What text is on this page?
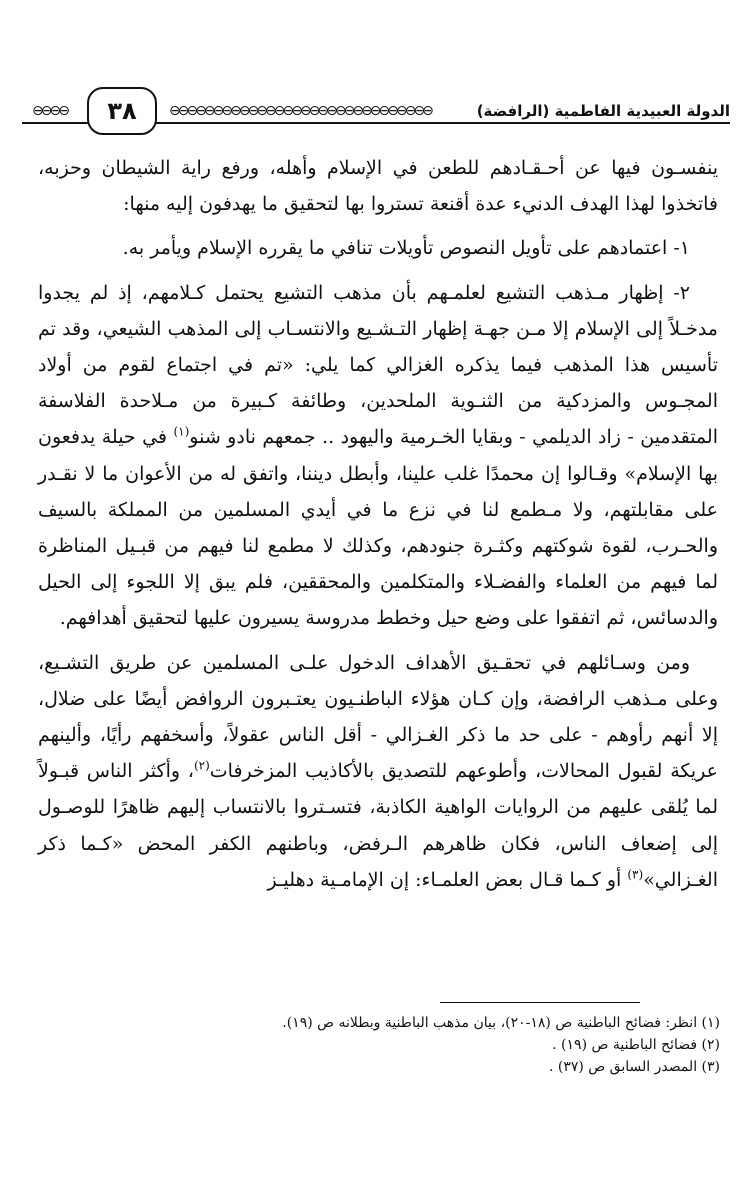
⊖⊖⊖⊖	٣٨	⊖⊖⊖⊖⊖⊖⊖⊖⊖⊖⊖⊖⊖⊖⊖⊖⊖⊖⊖⊖⊖⊖⊖⊖⊖⊖⊖⊖⊖⊖	الدولة العبيدية الفاطمية (الرافضة)

ينفسـون فيها عن أحـقـادهم للطعن في الإسلام وأهله، ورفع راية الشيطان وحزبه، فاتخذوا لهذا الهدف الدنيء عدة أقنعة تستروا بها لتحقيق ما يهدفون إليه منها:

١- اعتمادهم على تأويل النصوص تأويلات تنافي ما يقرره الإسلام ويأمر به.

٢- إظهار مـذهب التشيع لعلمـهم بأن مذهب التشيع يحتمل كـلامهم، إذ لم يجدوا مدخـلاً إلى الإسلام إلا مـن جهـة إظهار التـشـيع والانتسـاب إلى المذهب الشيعي، وقد تم تأسيس هذا المذهب فيما يذكره الغزالي كما يلي: «تم في اجتماع لقوم من أولاد المجـوس والمزدكية من الثنـوية الملحدين، وطائفة كـبيرة من مـلاحدة الفلاسفة المتقدمين - زاد الديلمي - وبقايا الخـرمية واليهود .. جمعهم نادو شنو$^{(١)}$ في حيلة يدفعون بها الإسلام» وقـالوا إن محمدًا غلب علينا، وأبطل ديننا، واتفق له من الأعوان ما لا نقـدر على مقابلتهم، ولا مـطمع لنا في نزع ما في أيدي المسلمين من المملكة بالسيف والحـرب، لقوة شوكتهم وكثـرة جنودهم، وكذلك لا مطمع لنا فيهم من قبـيل المناظرة لما فيهم من العلماء والفضـلاء والمتكلمين والمحققين، فلم يبق إلا اللجوء إلى الحيل والدسائس، ثم اتفقوا على وضع حيل وخطط مدروسة يسيرون عليها لتحقيق أهدافهم.

ومن وسـائلهم في تحقـيق الأهداف الدخول علـى المسلمين عن طريق التشـيع، وعلى مـذهب الرافضة، وإن كـان هؤلاء الباطنـيون يعتـبرون الروافض أيضًا على ضلال، إلا أنهم رأوهم - على حد ما ذكر الغـزالي - أقل الناس عقولاً، وأسخفهم رأيًا، وألينهم عريكة لقبول المحالات، وأطوعهم للتصديق بالأكاذيب المزخرفات$^{(٢)}$، وأكثر الناس قبـولاً لما يُلقى عليهم من الروايات الواهية الكاذبة، فتسـتروا بالانتساب إليهم ظاهرًا للوصـول إلى إضعاف الناس، فكان ظاهرهم الـرفض، وباطنهم الكفر المحض «كـما ذكر الغـزالي»$^{(٣)}$ أو كـما قـال بعض العلمـاء: إن الإمامـية دهليـز

(١) انظر: فضائح الباطنية ص (١٨-٢٠)، بيان مذهب الباطنية وبطلانه ص (١٩).
(٢) فضائح الباطنية ص (١٩) .
(٣) المصدر السابق ص (٣٧) .
